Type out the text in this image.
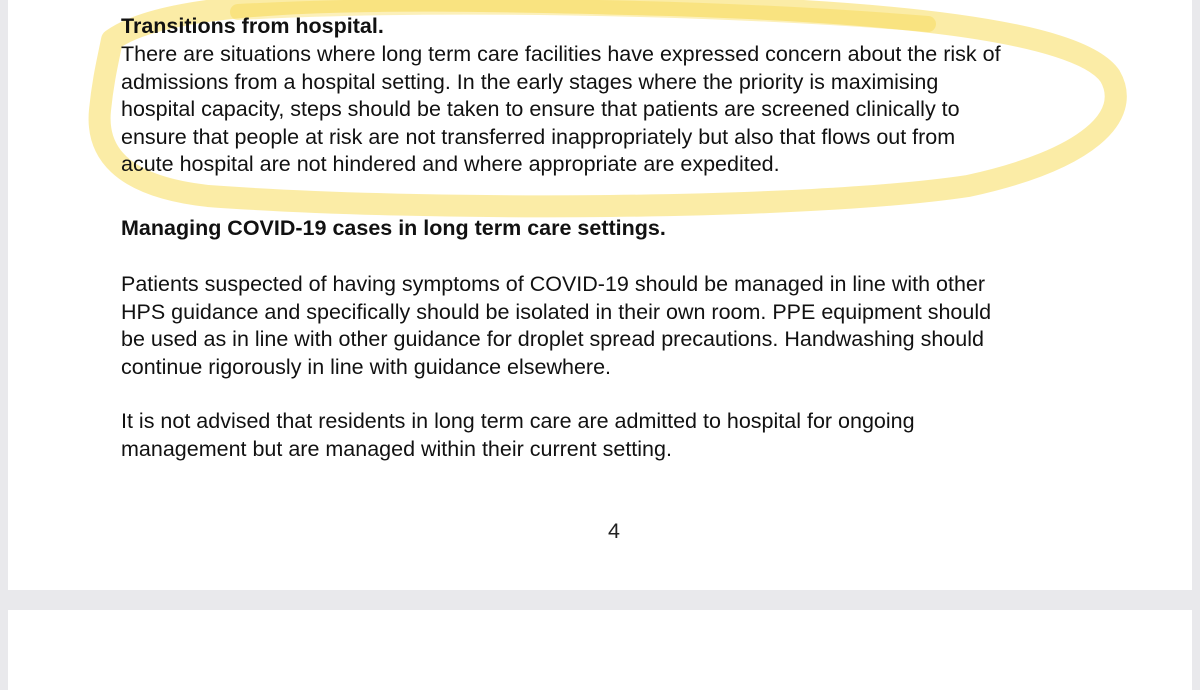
Transitions from hospital.
There are situations where long term care facilities have expressed concern about the risk of
admissions from a hospital setting. In the early stages where the priority is maximising
hospital capacity, steps should be taken to ensure that patients are screened clinically to
ensure that people at risk are not transferred inappropriately but also that flows out from
acute hospital are not hindered and where appropriate are expedited.
Managing COVID-19 cases in long term care settings.
Patients suspected of having symptoms of COVID-19 should be managed in line with other
HPS guidance and specifically should be isolated in their own room. PPE equipment should
be used as in line with other guidance for droplet spread precautions. Handwashing should
continue rigorously in line with guidance elsewhere.
It is not advised that residents in long term care are admitted to hospital for ongoing
management but are managed within their current setting.
4
